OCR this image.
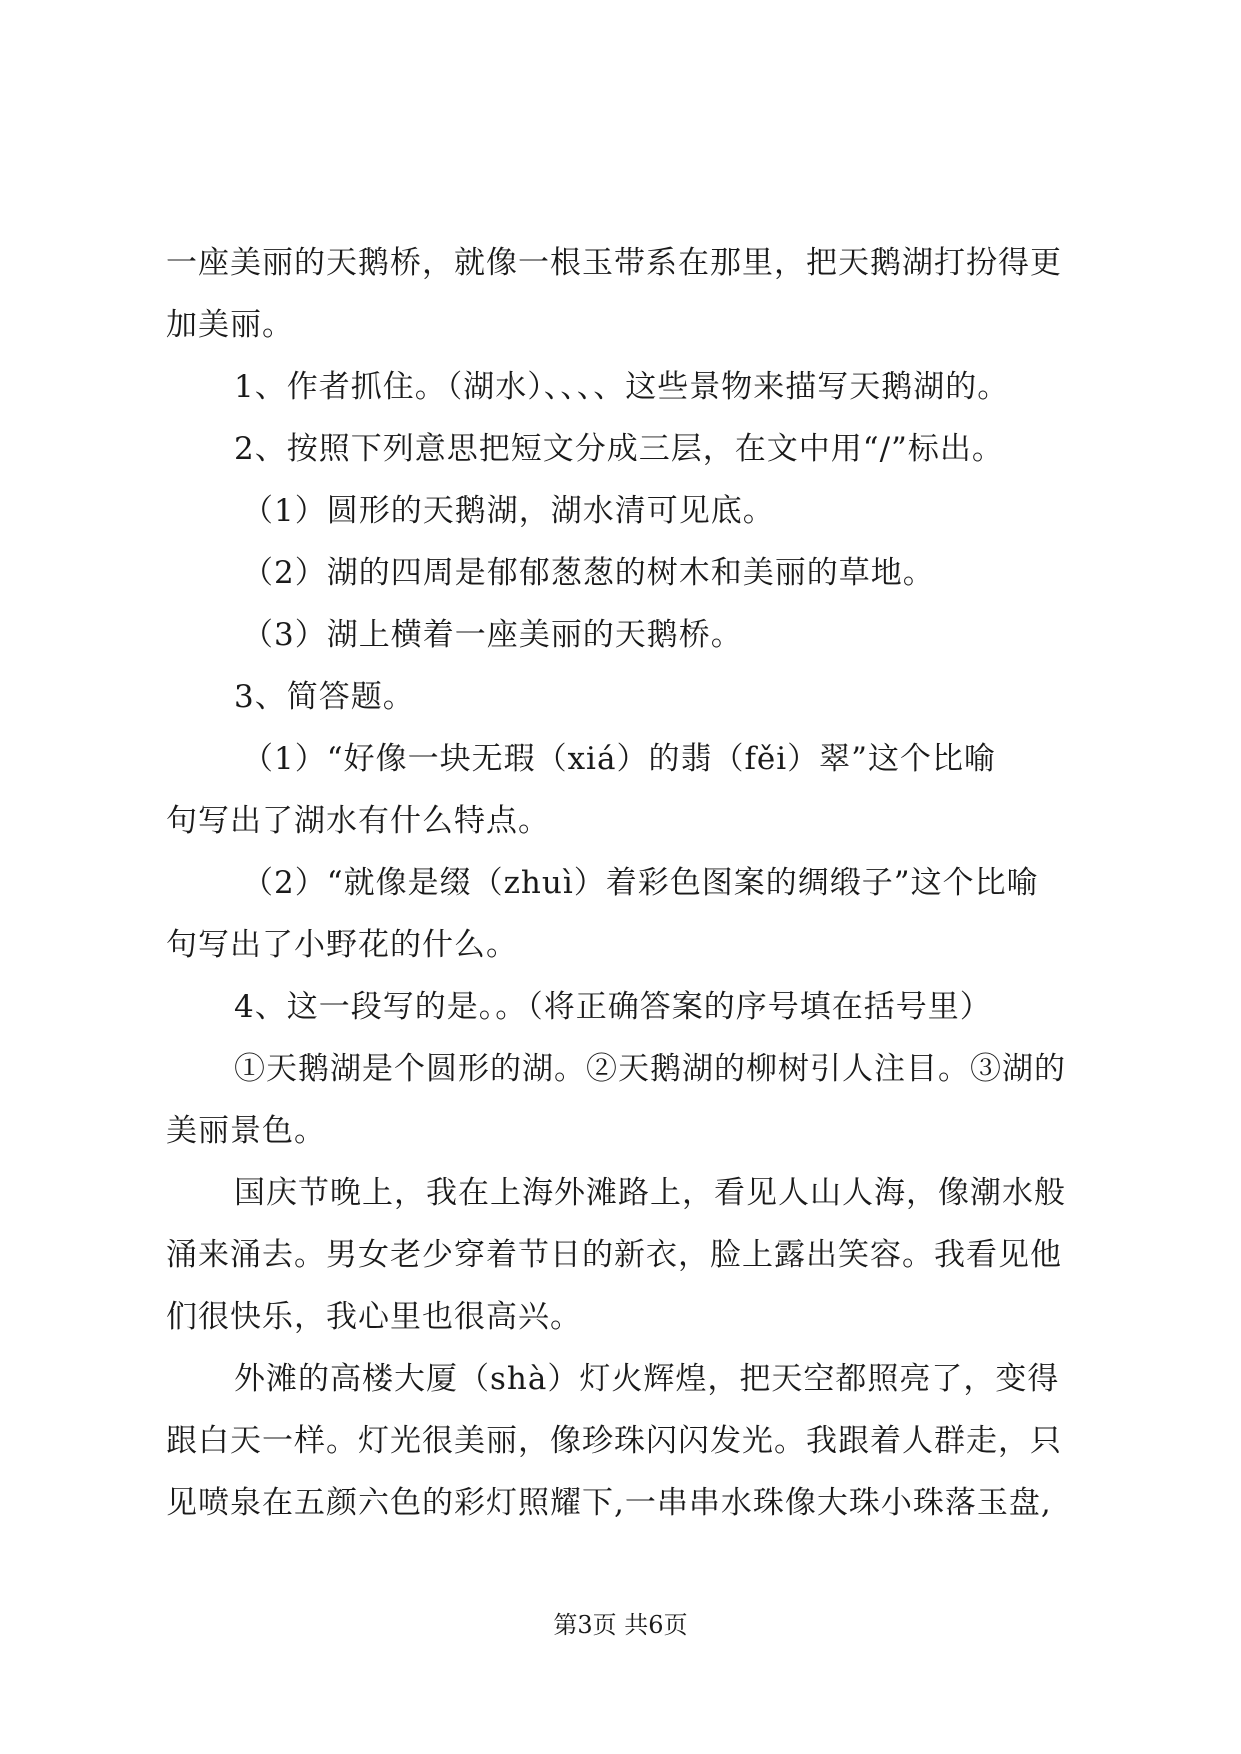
一座美丽的天鹅桥，就像一根玉带系在那里，把天鹅湖打扮得更
加美丽。
1、作者抓住。（湖水）、、、、这些景物来描写天鹅湖的。
2、按照下列意思把短文分成三层，在文中用“/”标出。
（1）圆形的天鹅湖，湖水清可见底。
（2）湖的四周是郁郁葱葱的树木和美丽的草地。
（3）湖上横着一座美丽的天鹅桥。
3、简答题。
（1）“好像一块无瑕（xiá）的翡（fěi）翠”这个比喻
句写出了湖水有什么特点。
（2）“就像是缀（zhuì）着彩色图案的绸缎子”这个比喻
句写出了小野花的什么。
4、这一段写的是。。（将正确答案的序号填在括号里）
①天鹅湖是个圆形的湖。②天鹅湖的柳树引人注目。③湖的
美丽景色。
国庆节晚上，我在上海外滩路上，看见人山人海，像潮水般
涌来涌去。男女老少穿着节日的新衣，脸上露出笑容。我看见他
们很快乐，我心里也很高兴。
外滩的高楼大厦（shà）灯火辉煌，把天空都照亮了，变得
跟白天一样。灯光很美丽，像珍珠闪闪发光。我跟着人群走，只
见喷泉在五颜六色的彩灯照耀下,一串串水珠像大珠小珠落玉盘,
第3页 共6页
